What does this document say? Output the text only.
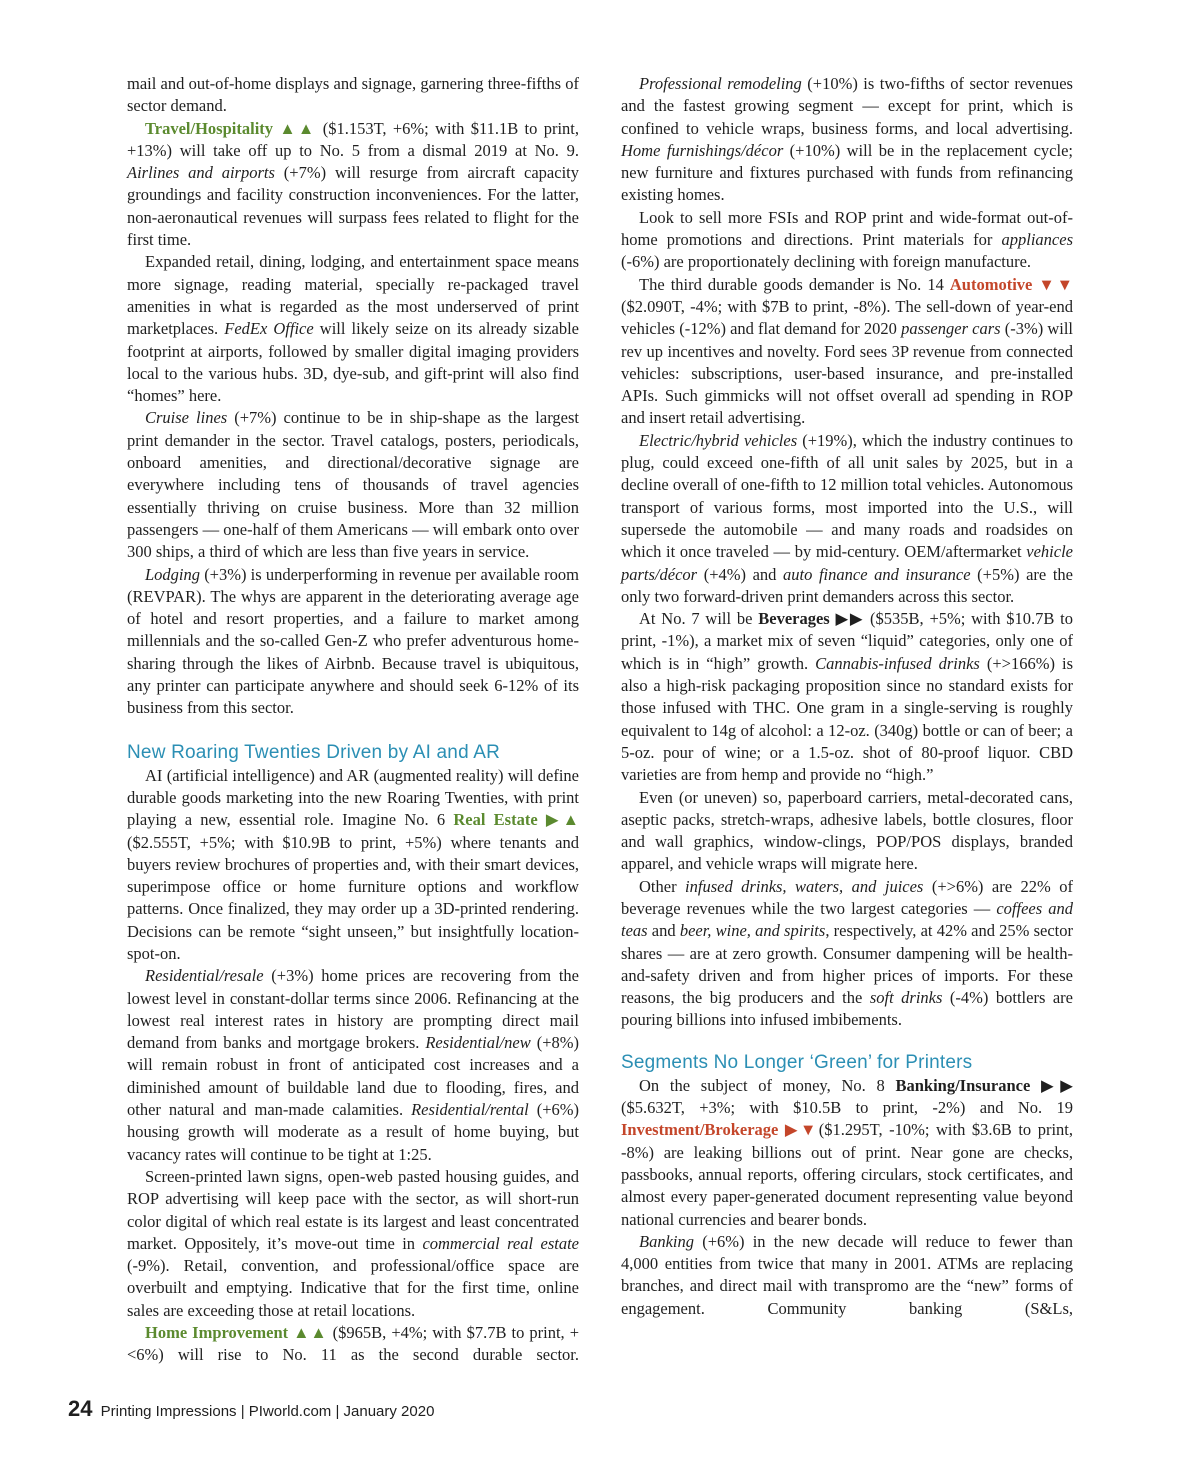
mail and out-of-home displays and signage, garnering three-fifths of sector demand.

Travel/Hospitality ▲▲ ($1.153T, +6%; with $11.1B to print, +13%) will take off up to No. 5 from a dismal 2019 at No. 9. Airlines and airports (+7%) will resurge from aircraft capacity groundings and facility construction inconveniences. For the latter, non-aeronautical revenues will surpass fees related to flight for the first time.

Expanded retail, dining, lodging, and entertainment space means more signage, reading material, specially re-packaged travel amenities in what is regarded as the most underserved of print marketplaces. FedEx Office will likely seize on its already sizable footprint at airports, followed by smaller digital imaging providers local to the various hubs. 3D, dye-sub, and gift-print will also find “homes” here.

Cruise lines (+7%) continue to be in ship-shape as the largest print demander in the sector. Travel catalogs, posters, periodicals, onboard amenities, and directional/decorative signage are everywhere including tens of thousands of travel agencies essentially thriving on cruise business. More than 32 million passengers — one-half of them Americans — will embark onto over 300 ships, a third of which are less than five years in service.

Lodging (+3%) is underperforming in revenue per available room (REVPAR). The whys are apparent in the deteriorating average age of hotel and resort properties, and a failure to market among millennials and the so-called Gen-Z who prefer adventurous home-sharing through the likes of Airbnb. Because travel is ubiquitous, any printer can participate anywhere and should seek 6-12% of its business from this sector.

New Roaring Twenties Driven by AI and AR

AI (artificial intelligence) and AR (augmented reality) will define durable goods marketing into the new Roaring Twenties, with print playing a new, essential role. Imagine No. 6 Real Estate ▶▲ ($2.555T, +5%; with $10.9B to print, +5%) where tenants and buyers review brochures of properties and, with their smart devices, superimpose office or home furniture options and workflow patterns. Once finalized, they may order up a 3D-printed rendering. Decisions can be remote “sight unseen,” but insightfully location-spot-on.

Residential/resale (+3%) home prices are recovering from the lowest level in constant-dollar terms since 2006. Refinancing at the lowest real interest rates in history are prompting direct mail demand from banks and mortgage brokers. Residential/new (+8%) will remain robust in front of anticipated cost increases and a diminished amount of buildable land due to flooding, fires, and other natural and man-made calamities. Residential/rental (+6%) housing growth will moderate as a result of home buying, but vacancy rates will continue to be tight at 1:25.

Screen-printed lawn signs, open-web pasted housing guides, and ROP advertising will keep pace with the sector, as will short-run color digital of which real estate is its largest and least concentrated market. Oppositely, it’s move-out time in commercial real estate (-9%). Retail, convention, and professional/office space are overbuilt and emptying. Indicative that for the first time, online sales are exceeding those at retail locations.

Home Improvement ▲▲ ($965B, +4%; with $7.7B to print, +<6%) will rise to No. 11 as the second durable sector.

Professional remodeling (+10%) is two-fifths of sector revenues and the fastest growing segment — except for print, which is confined to vehicle wraps, business forms, and local advertising. Home furnishings/décor (+10%) will be in the replacement cycle; new furniture and fixtures purchased with funds from refinancing existing homes.

Look to sell more FSIs and ROP print and wide-format out-of-home promotions and directions. Print materials for appliances (-6%) are proportionately declining with foreign manufacture.

The third durable goods demander is No. 14 Automotive ▼▼ ($2.090T, -4%; with $7B to print, -8%). The sell-down of year-end vehicles (-12%) and flat demand for 2020 passenger cars (-3%) will rev up incentives and novelty. Ford sees 3P revenue from connected vehicles: subscriptions, user-based insurance, and pre-installed APIs. Such gimmicks will not offset overall ad spending in ROP and insert retail advertising.

Electric/hybrid vehicles (+19%), which the industry continues to plug, could exceed one-fifth of all unit sales by 2025, but in a decline overall of one-fifth to 12 million total vehicles. Autonomous transport of various forms, most imported into the U.S., will supersede the automobile — and many roads and roadsides on which it once traveled — by mid-century. OEM/aftermarket vehicle parts/décor (+4%) and auto finance and insurance (+5%) are the only two forward-driven print demanders across this sector.

At No. 7 will be Beverages ▶▶ ($535B, +5%; with $10.7B to print, -1%), a market mix of seven “liquid” categories, only one of which is in “high” growth. Cannabis-infused drinks (+>166%) is also a high-risk packaging proposition since no standard exists for those infused with THC. One gram in a single-serving is roughly equivalent to 14g of alcohol: a 12-oz. (340g) bottle or can of beer; a 5-oz. pour of wine; or a 1.5-oz. shot of 80-proof liquor. CBD varieties are from hemp and provide no “high.”

Even (or uneven) so, paperboard carriers, metal-decorated cans, aseptic packs, stretch-wraps, adhesive labels, bottle closures, floor and wall graphics, window-clings, POP/POS displays, branded apparel, and vehicle wraps will migrate here.

Other infused drinks, waters, and juices (+>6%) are 22% of beverage revenues while the two largest categories — coffees and teas and beer, wine, and spirits, respectively, at 42% and 25% sector shares — are at zero growth. Consumer dampening will be health-and-safety driven and from higher prices of imports. For these reasons, the big producers and the soft drinks (-4%) bottlers are pouring billions into infused imbibements.

Segments No Longer ‘Green’ for Printers

On the subject of money, No. 8 Banking/Insurance ▶▶ ($5.632T, +3%; with $10.5B to print, -2%) and No. 19 Investment/Brokerage ▶▼($1.295T, -10%; with $3.6B to print, -8%) are leaking billions out of print. Near gone are checks, passbooks, annual reports, offering circulars, stock certificates, and almost every paper-generated document representing value beyond national currencies and bearer bonds.

Banking (+6%) in the new decade will reduce to fewer than 4,000 entities from twice that many in 2001. ATMs are replacing branches, and direct mail with transpromo are the “new” forms of engagement. Community banking (S&Ls,

24 Printing Impressions | PIworld.com | January 2020
